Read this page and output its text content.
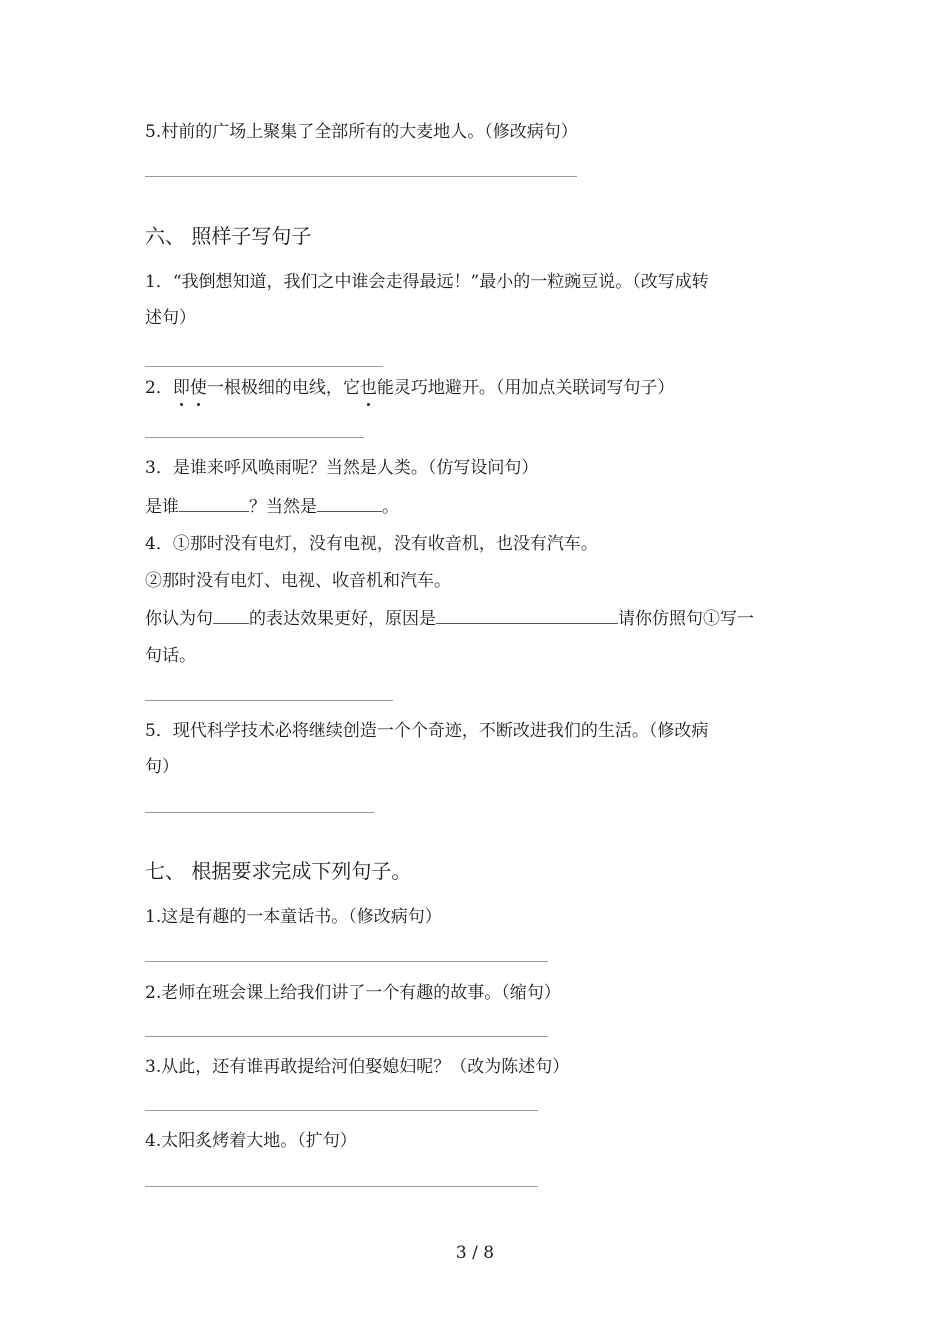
5.村前的广场上聚集了全部所有的大麦地人。（修改病句）
六、 照样子写句子
1．“我倒想知道，我们之中谁会走得最远！”最小的一粒豌豆说。（改写成转
述句）
2．即使一根极细的电线，它也能灵巧地避开。（用加点关联词写句子）
3．是谁来呼风唤雨呢？当然是人类。（仿写设问句）
是谁	？当然是	。
4．①那时没有电灯，没有电视，没有收音机，也没有汽车。
②那时没有电灯、电视、收音机和汽车。
你认为句 的表达效果更好，原因是	请你仿照句①写一
句话。
5．现代科学技术必将继续创造一个个奇迹，不断改进我们的生活。（修改病
句）
七、 根据要求完成下列句子。
1.这是有趣的一本童话书。（修改病句）
2.老师在班会课上给我们讲了一个有趣的故事。（缩句）
3.从此，还有谁再敢提给河伯娶媳妇呢？（改为陈述句）
4.太阳炙烤着大地。（扩句）
3 / 8
